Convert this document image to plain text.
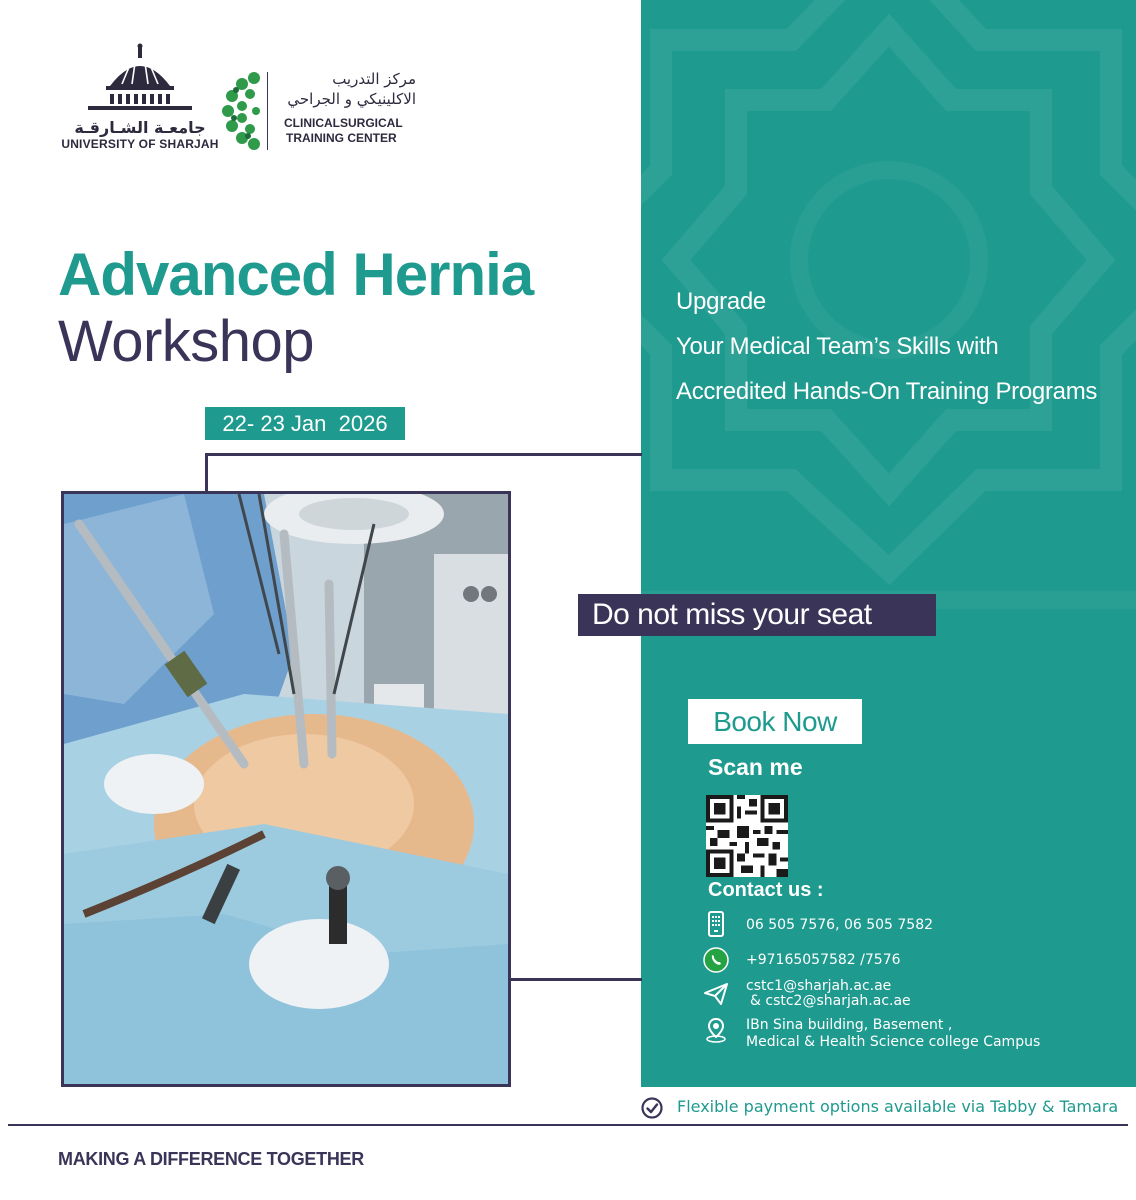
جامعـة الشـارقـة
UNIVERSITY OF SHARJAH
مركز التدريب
الاكلينيكي و الجراحي
CLINICALSURGICAL
TRAINING CENTER
Advanced Hernia
Workshop
22- 23 Jan  2026
Upgrade
Your Medical Team’s Skills with
Accredited Hands-On Training Programs
Do not miss your seat
Book Now
Scan me
Contact us :
06 505 7576, 06 505 7582
+97165057582 /7576
cstc1@sharjah.ac.ae
& cstc2@sharjah.ac.ae
IBn Sina building, Basement ,
Medical & Health Science college Campus
Flexible payment options available via Tabby & Tamara
MAKING A DIFFERENCE TOGETHER
